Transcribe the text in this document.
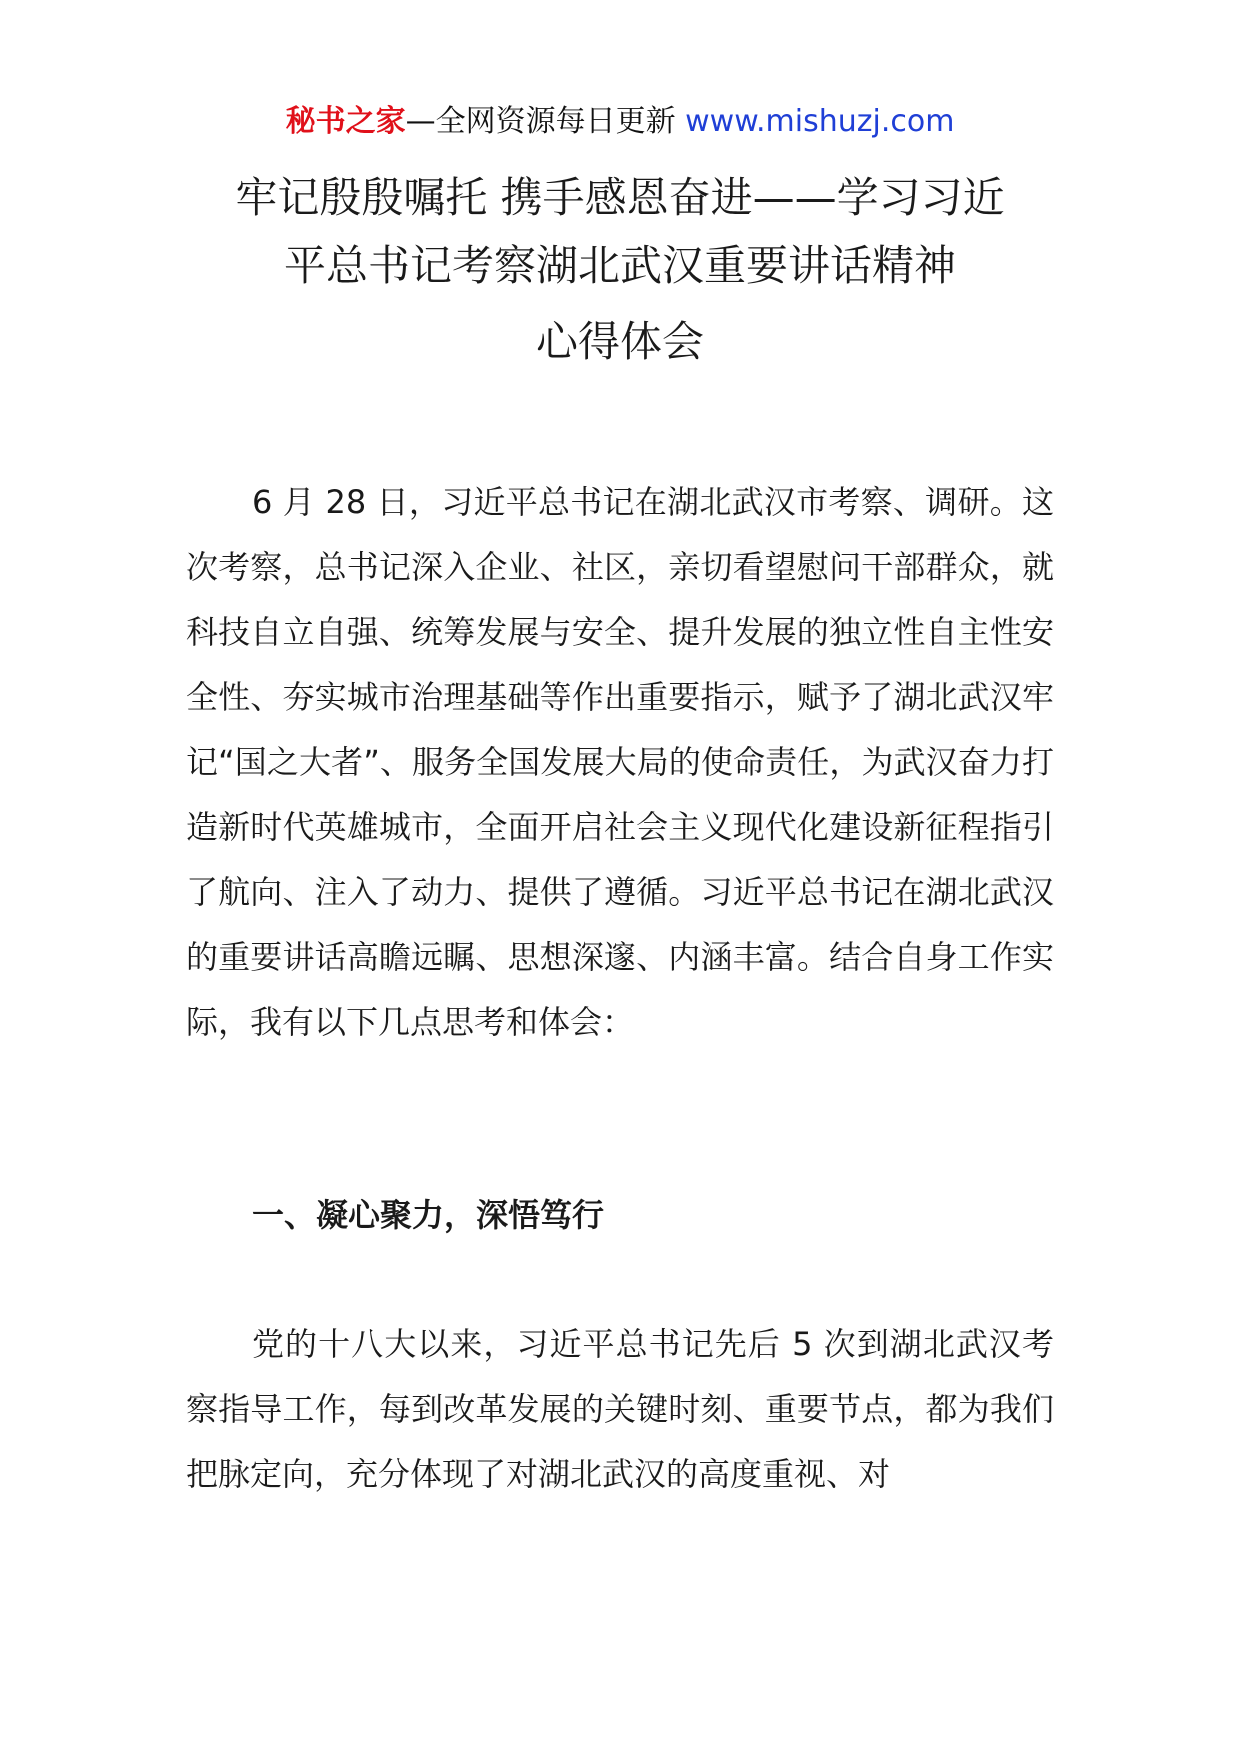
秘书之家—全网资源每日更新 www.mishuzj.com
牢记殷殷嘱托 携手感恩奋进——学习习近
平总书记考察湖北武汉重要讲话精神
心得体会

6 月 28 日，习近平总书记在湖北武汉市考察、调研。这次考察，总书记深入企业、社区，亲切看望慰问干部群众，就科技自立自强、统筹发展与安全、提升发展的独立性自主性安全性、夯实城市治理基础等作出重要指示，赋予了湖北武汉牢记“国之大者”、服务全国发展大局的使命责任，为武汉奋力打造新时代英雄城市，全面开启社会主义现代化建设新征程指引了航向、注入了动力、提供了遵循。习近平总书记在湖北武汉的重要讲话高瞻远瞩、思想深邃、内涵丰富。结合自身工作实际，我有以下几点思考和体会：

一、凝心聚力，深悟笃行

党的十八大以来，习近平总书记先后 5 次到湖北武汉考察指导工作，每到改革发展的关键时刻、重要节点，都为我们把脉定向，充分体现了对湖北武汉的高度重视、对
